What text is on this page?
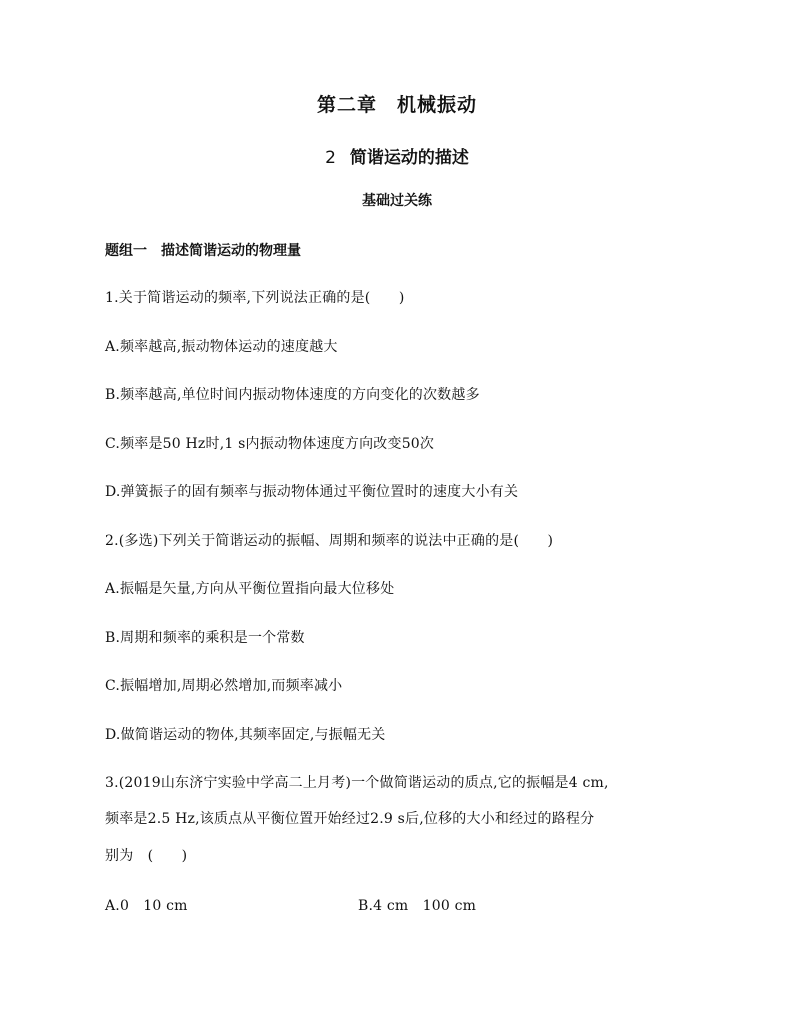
第二章　机械振动
2 简谐运动的描述
基础过关练
题组一　描述简谐运动的物理量

1.关于简谐运动的频率,下列说法正确的是(　　)

A.频率越高,振动物体运动的速度越大

B.频率越高,单位时间内振动物体速度的方向变化的次数越多

C.频率是50 Hz时,1 s内振动物体速度方向改变50次

D.弹簧振子的固有频率与振动物体通过平衡位置时的速度大小有关

2.(多选)下列关于简谐运动的振幅、周期和频率的说法中正确的是(　　)

A.振幅是矢量,方向从平衡位置指向最大位移处

B.周期和频率的乘积是一个常数

C.振幅增加,周期必然增加,而频率减小

D.做简谐运动的物体,其频率固定,与振幅无关

3.(2019山东济宁实验中学高二上月考)一个做简谐运动的质点,它的振幅是4 cm,

频率是2.5 Hz,该质点从平衡位置开始经过2.9 s后,位移的大小和经过的路程分

别为　(　　)

A.0　10 cm	B.4 cm　100 cm
